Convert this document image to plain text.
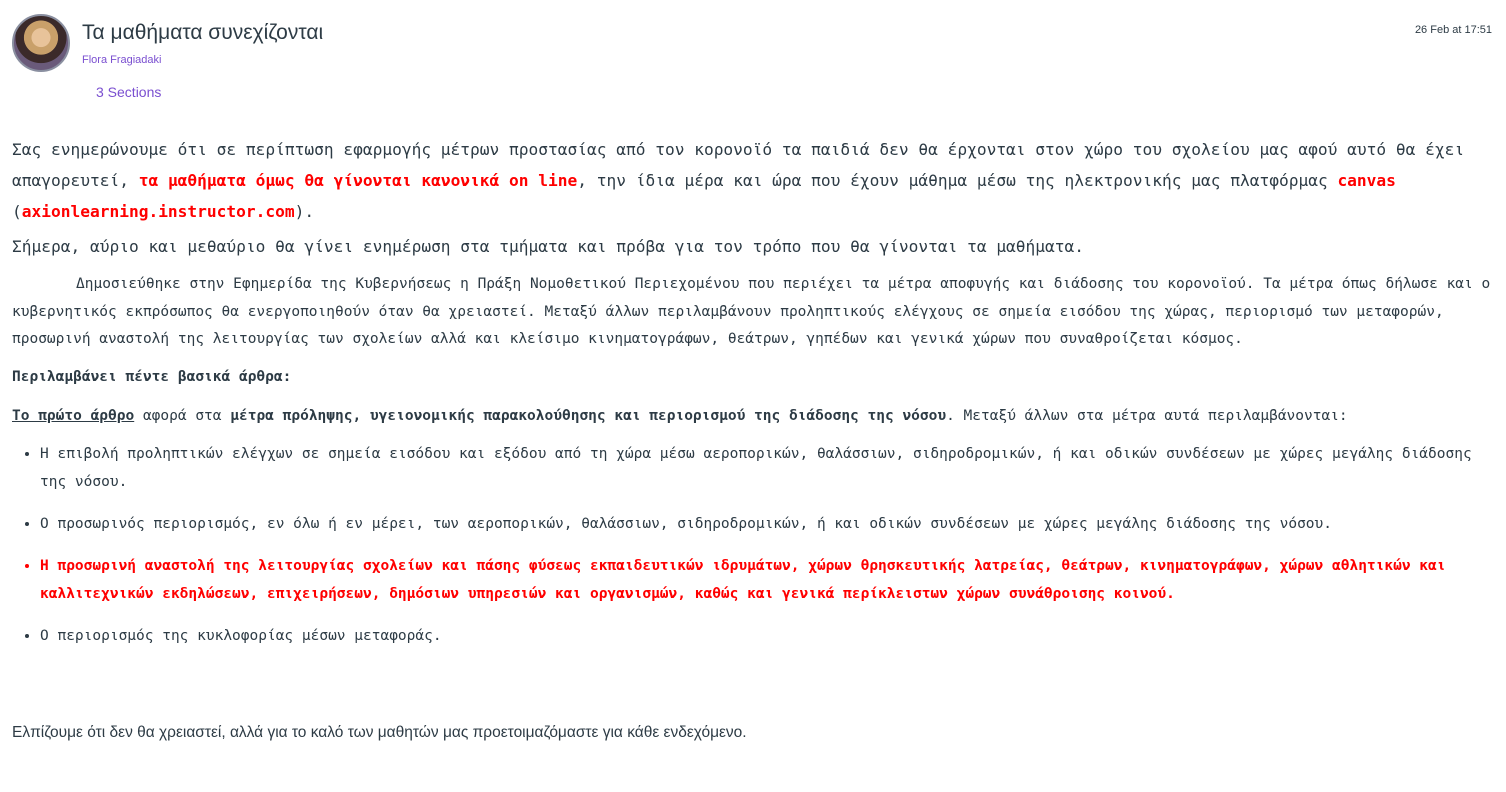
Τα μαθήματα συνεχίζονται
Flora Fragiadaki
26 Feb at 17:51
3 Sections

Σας ενημερώνουμε ότι σε περίπτωση εφαρμογής μέτρων προστασίας από τον κορονοϊό τα παιδιά δεν θα έρχονται στον χώρο του σχολείου μας αφού αυτό θα έχει απαγορευτεί, τα μαθήματα όμως θα γίνονται κανονικά on line, την ίδια μέρα και ώρα που έχουν μάθημα μέσω της ηλεκτρονικής μας πλατφόρμας canvas (axionlearning.instructor.com).

Σήμερα, αύριο και μεθαύριο θα γίνει ενημέρωση στα τμήματα και πρόβα για τον τρόπο που θα γίνονται τα μαθήματα.

Δημοσιεύθηκε στην Εφημερίδα της Κυβερνήσεως η Πράξη Νομοθετικού Περιεχομένου που περιέχει τα μέτρα αποφυγής και διάδοσης του κορονοϊού. Τα μέτρα όπως δήλωσε και ο κυβερνητικός εκπρόσωπος θα ενεργοποιηθούν όταν θα χρειαστεί. Μεταξύ άλλων περιλαμβάνουν προληπτικούς ελέγχους σε σημεία εισόδου της χώρας, περιορισμό των μεταφορών, προσωρινή αναστολή της λειτουργίας των σχολείων αλλά και κλείσιμο κινηματογράφων, θεάτρων, γηπέδων και γενικά χώρων που συναθροίζεται κόσμος.

Περιλαμβάνει πέντε βασικά άρθρα:

Το πρώτο άρθρο αφορά στα μέτρα πρόληψης, υγειονομικής παρακολούθησης και περιορισμού της διάδοσης της νόσου. Μεταξύ άλλων στα μέτρα αυτά περιλαμβάνονται:

• Η επιβολή προληπτικών ελέγχων σε σημεία εισόδου και εξόδου από τη χώρα μέσω αεροπορικών, θαλάσσιων, σιδηροδρομικών, ή και οδικών συνδέσεων με χώρες μεγάλης διάδοσης της νόσου.
• Ο προσωρινός περιορισμός, εν όλω ή εν μέρει, των αεροπορικών, θαλάσσιων, σιδηροδρομικών, ή και οδικών συνδέσεων με χώρες μεγάλης διάδοσης της νόσου.
• Η προσωρινή αναστολή της λειτουργίας σχολείων και πάσης φύσεως εκπαιδευτικών ιδρυμάτων, χώρων θρησκευτικής λατρείας, θεάτρων, κινηματογράφων, χώρων αθλητικών και καλλιτεχνικών εκδηλώσεων, επιχειρήσεων, δημόσιων υπηρεσιών και οργανισμών, καθώς και γενικά περίκλειστων χώρων συνάθροισης κοινού.
• Ο περιορισμός της κυκλοφορίας μέσων μεταφοράς.
Ελπίζουμε ότι δεν θα χρειαστεί, αλλά για το καλό των μαθητών μας προετοιμαζόμαστε για κάθε ενδεχόμενο.
